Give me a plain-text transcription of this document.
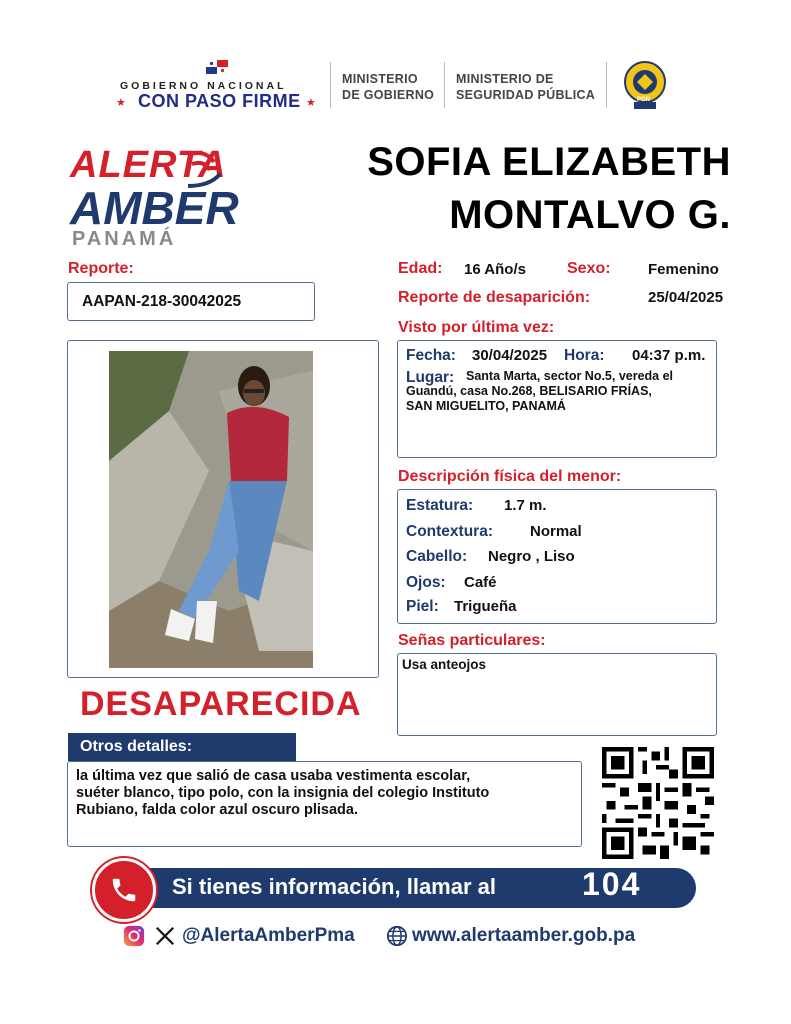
GOBIERNO NACIONAL
★ CON PASO FIRME ★
MINISTERIO
DE GOBIERNO
MINISTERIO DE
SEGURIDAD PÚBLICA	PGN
ALERTA
AMBER
PANAMÁ
SOFIA ELIZABETH
MONTALVO G.
Reporte:
AAPAN-218-30042025
Edad: 16 Año/s	Sexo: Femenino
Reporte de desaparición:	25/04/2025
Visto por última vez:
Fecha: 30/04/2025 Hora: 04:37 p.m.
Lugar: Santa Marta, sector No.5, vereda el
Guandú, casa No.268, BELISARIO FRÍAS,
SAN MIGUELITO, PANAMÁ
Descripción física del menor:
Estatura: 1.7 m.
Contextura: Normal
Cabello: Negro , Liso
Ojos: Café
Piel: Trigueña
Señas particulares:
Usa anteojos
DESAPARECIDA
Otros detalles:
la última vez que salió de casa usaba vestimenta escolar,
suéter blanco, tipo polo, con la insignia del colegio Instituto
Rubiano, falda color azul oscuro plisada.
Si tienes información, llamar al	104
@AlertaAmberPma	www.alertaamber.gob.pa
